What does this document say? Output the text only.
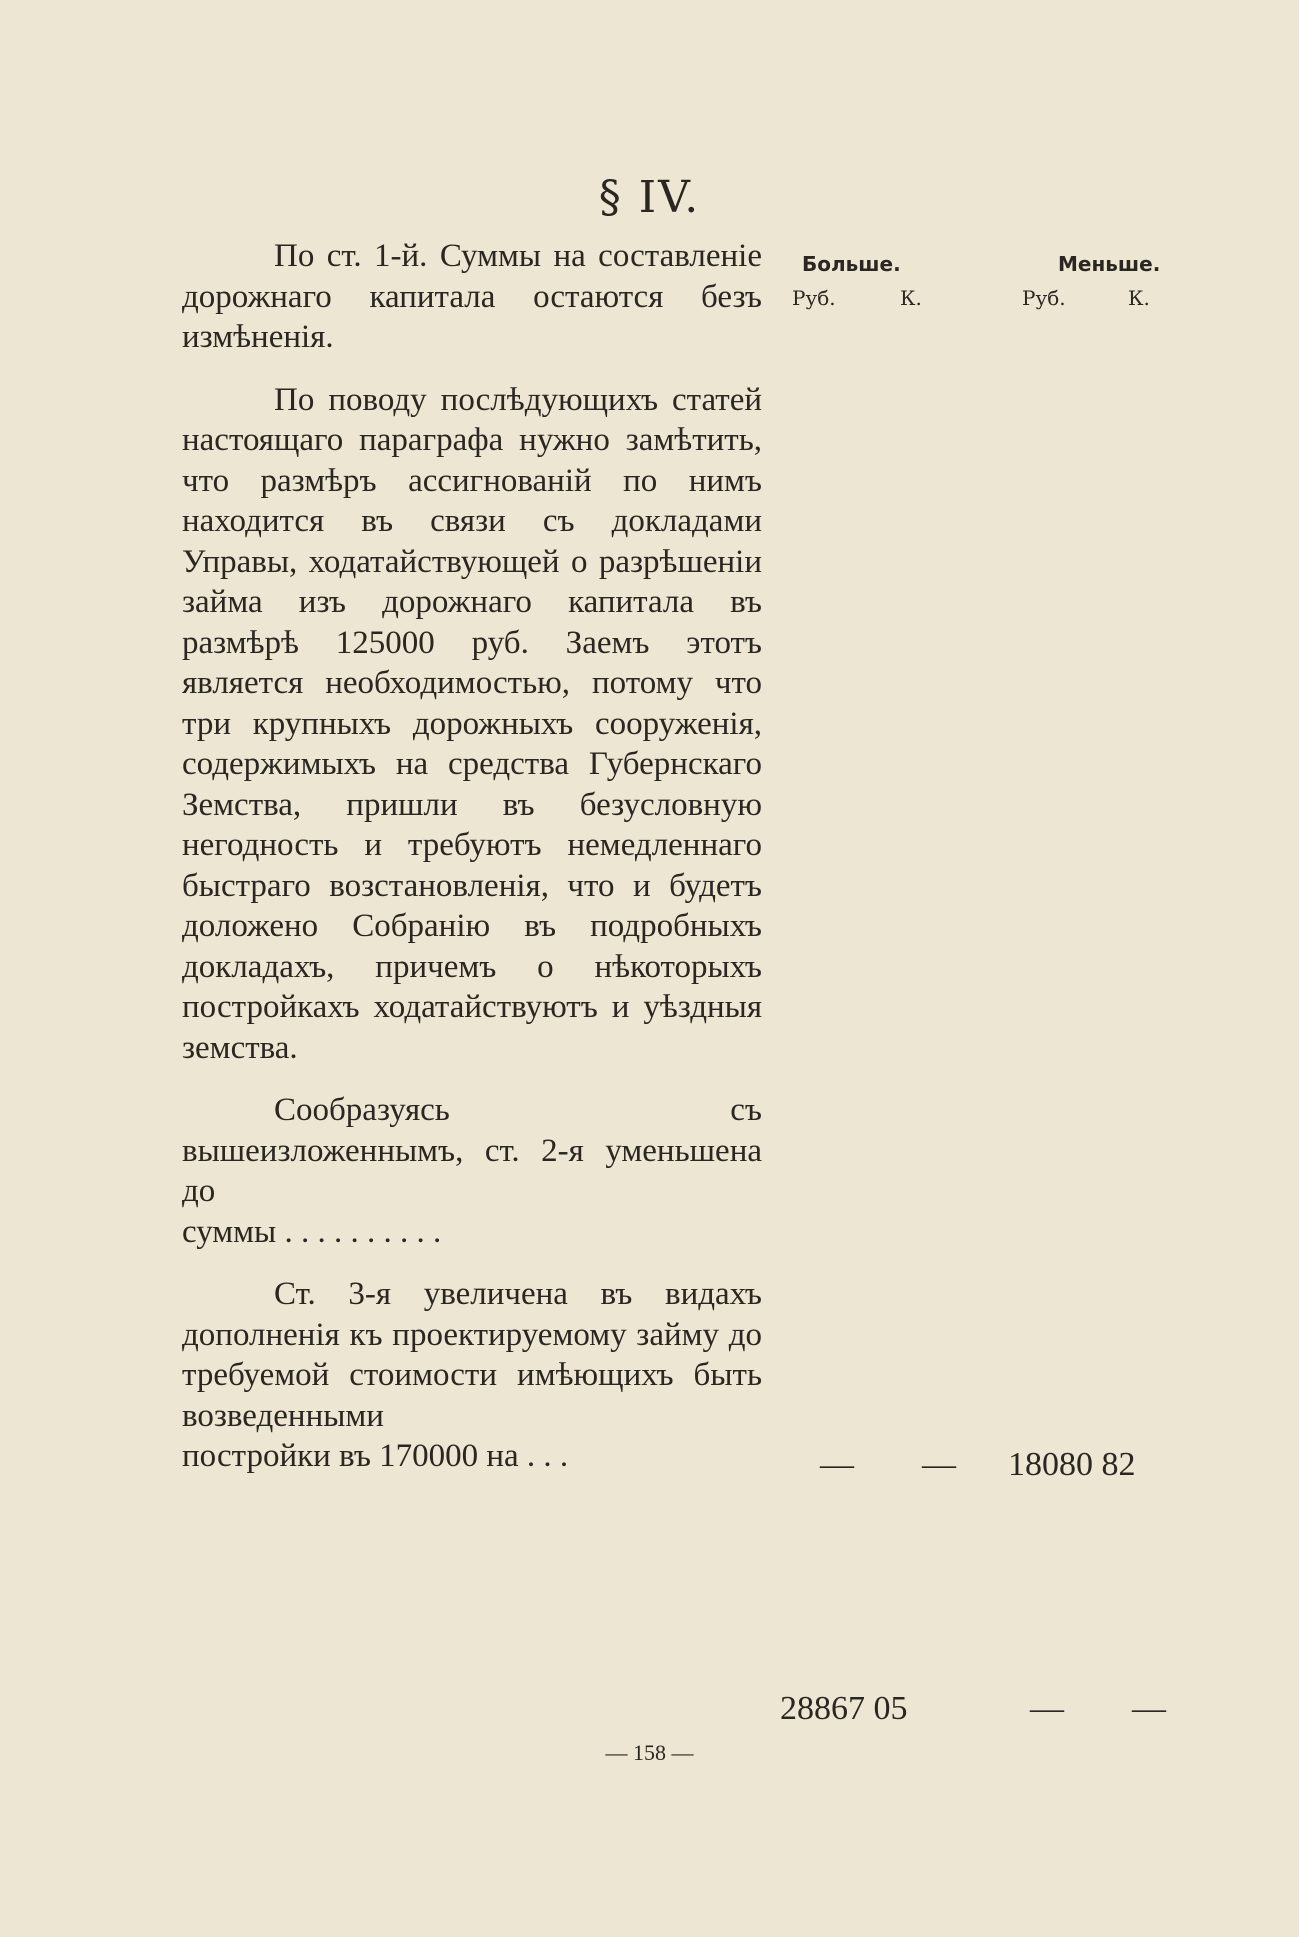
§ IV.
Больше.	Меньше.
Руб.	К.	Руб.	К.

По ст. 1-й. Суммы на составленіе дорожнаго капитала остаются безъ измѣненія.

По поводу послѣдующихъ статей настоящаго параграфа нужно замѣтить, что размѣръ ассигнованій по нимъ находится въ связи съ докладами Управы, ходатайствующей о разрѣшеніи займа изъ дорожнаго капитала въ размѣрѣ 125000 руб. Заемъ этотъ является необходимостью, потому что три крупныхъ дорожныхъ сооруженія, содержимыхъ на средства Губернскаго Земства, пришли въ безусловную негодность и требуютъ немедленнаго быстраго возстановленія, что и будетъ доложено Собранію въ подробныхъ докладахъ, причемъ о нѣкоторыхъ постройкахъ ходатайствуютъ и уѣздныя земства.

Сообразуясь съ вышеизложеннымъ, ст. 2-я уменьшена до

суммы . . . . . . . . . .

Ст. 3-я увеличена въ видахъ дополненія къ проектируемому займу до требуемой стоимости имѣющихъ быть возведенными

постройки въ 170000 на . . .	— — 18080 82
28867 05	— —
— 158 —
